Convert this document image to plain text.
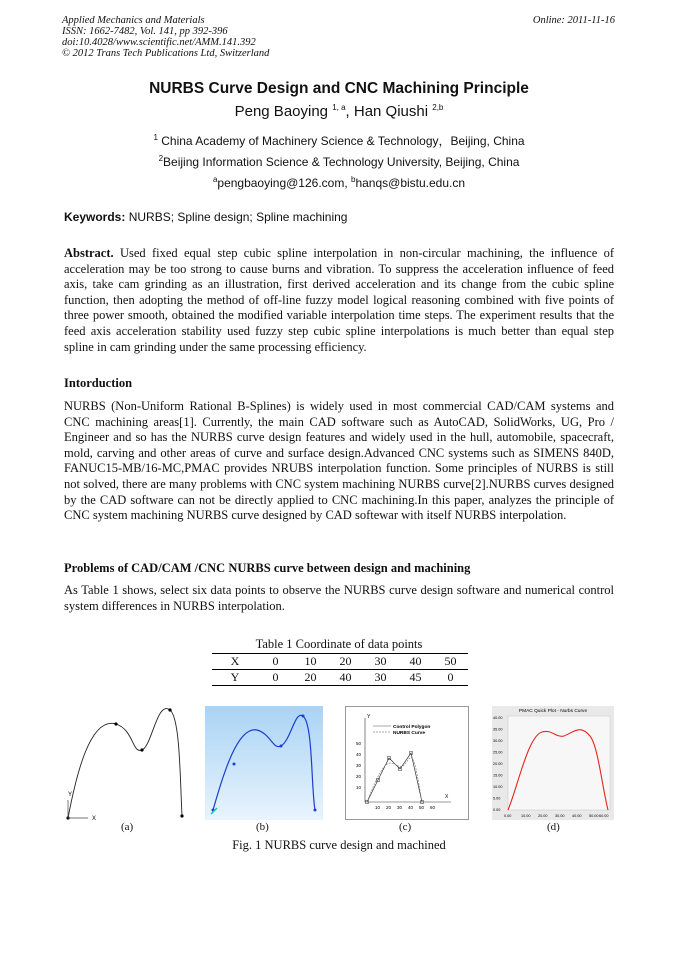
Applied Mechanics and Materials
ISSN: 1662-7482, Vol. 141, pp 392-396
doi:10.4028/www.scientific.net/AMM.141.392
© 2012 Trans Tech Publications Ltd, Switzerland
Online: 2011-11-16
NURBS Curve Design and CNC Machining Principle
Peng Baoying $^{1, a}$, Han Qiushi $^{2,b}$
$^1$ China Academy of Machinery Science & Technology，Beijing, China
$^2$Beijing Information Science & Technology University, Beijing, China
$^a$pengbaoying@126.com, $^b$hanqs@bistu.edu.cn
Keywords: NURBS; Spline design; Spline machining
Abstract. Used fixed equal step cubic spline interpolation in non-circular machining, the influence of acceleration may be too strong to cause burns and vibration. To suppress the acceleration influence of feed axis, take cam grinding as an illustration, first derived acceleration and its change from the cubic spline function, then adopting the method of off-line fuzzy model logical reasoning combined with five points of three power smooth, obtained the modified variable interpolation time steps. The experiment results that the feed axis acceleration stability used fuzzy step cubic spline interpolations is much better than equal step spline in cam grinding under the same processing efficiency.
Intorduction
NURBS (Non-Uniform Rational B-Splines) is widely used in most commercial CAD/CAM systems and CNC machining areas[1]. Currently, the main CAD software such as AutoCAD, SolidWorks, UG, Pro / Engineer and so has the NURBS curve design features and widely used in the hull, automobile, spacecraft, mold, carving and other areas of curve and surface design.Advanced CNC systems such as SIMENS 840D, FANUC15-MB/16-MC,PMAC provides NRUBS interpolation function. Some principles of NURBS is still not solved, there are many problems with CNC system machining NURBS curve[2].NURBS curves designed by the CAD software can not be directly applied to CNC machining.In this paper, analyzes the principle of CNC system machining NURBS curve designed by CAD softewar with itself NURBS interpolation.
Problems of CAD/CAM /CNC NURBS curve between design and machining
As Table 1 shows, select six data points to observe the NURBS curve design software and numerical control system differences in NURBS interpolation.
Table 1 Coordinate of data points
X	0	10	20	30	40	50
Y	0	20	40	30	45	0
Y
X
Y
X
Control Polygon
NURBS Curve
50
40
30
20
10
10 20 30 40 50 60
PMAC Quick Plot - Nurbs Curve
40.00
35.00
30.00
25.00
20.00
15.00
10.00
5.00
0.00
0.00	10.00 20.00 30.00 40.00 50.00 60.00
(a)	(b)	(c)	(d)
Fig. 1 NURBS curve design and machined
